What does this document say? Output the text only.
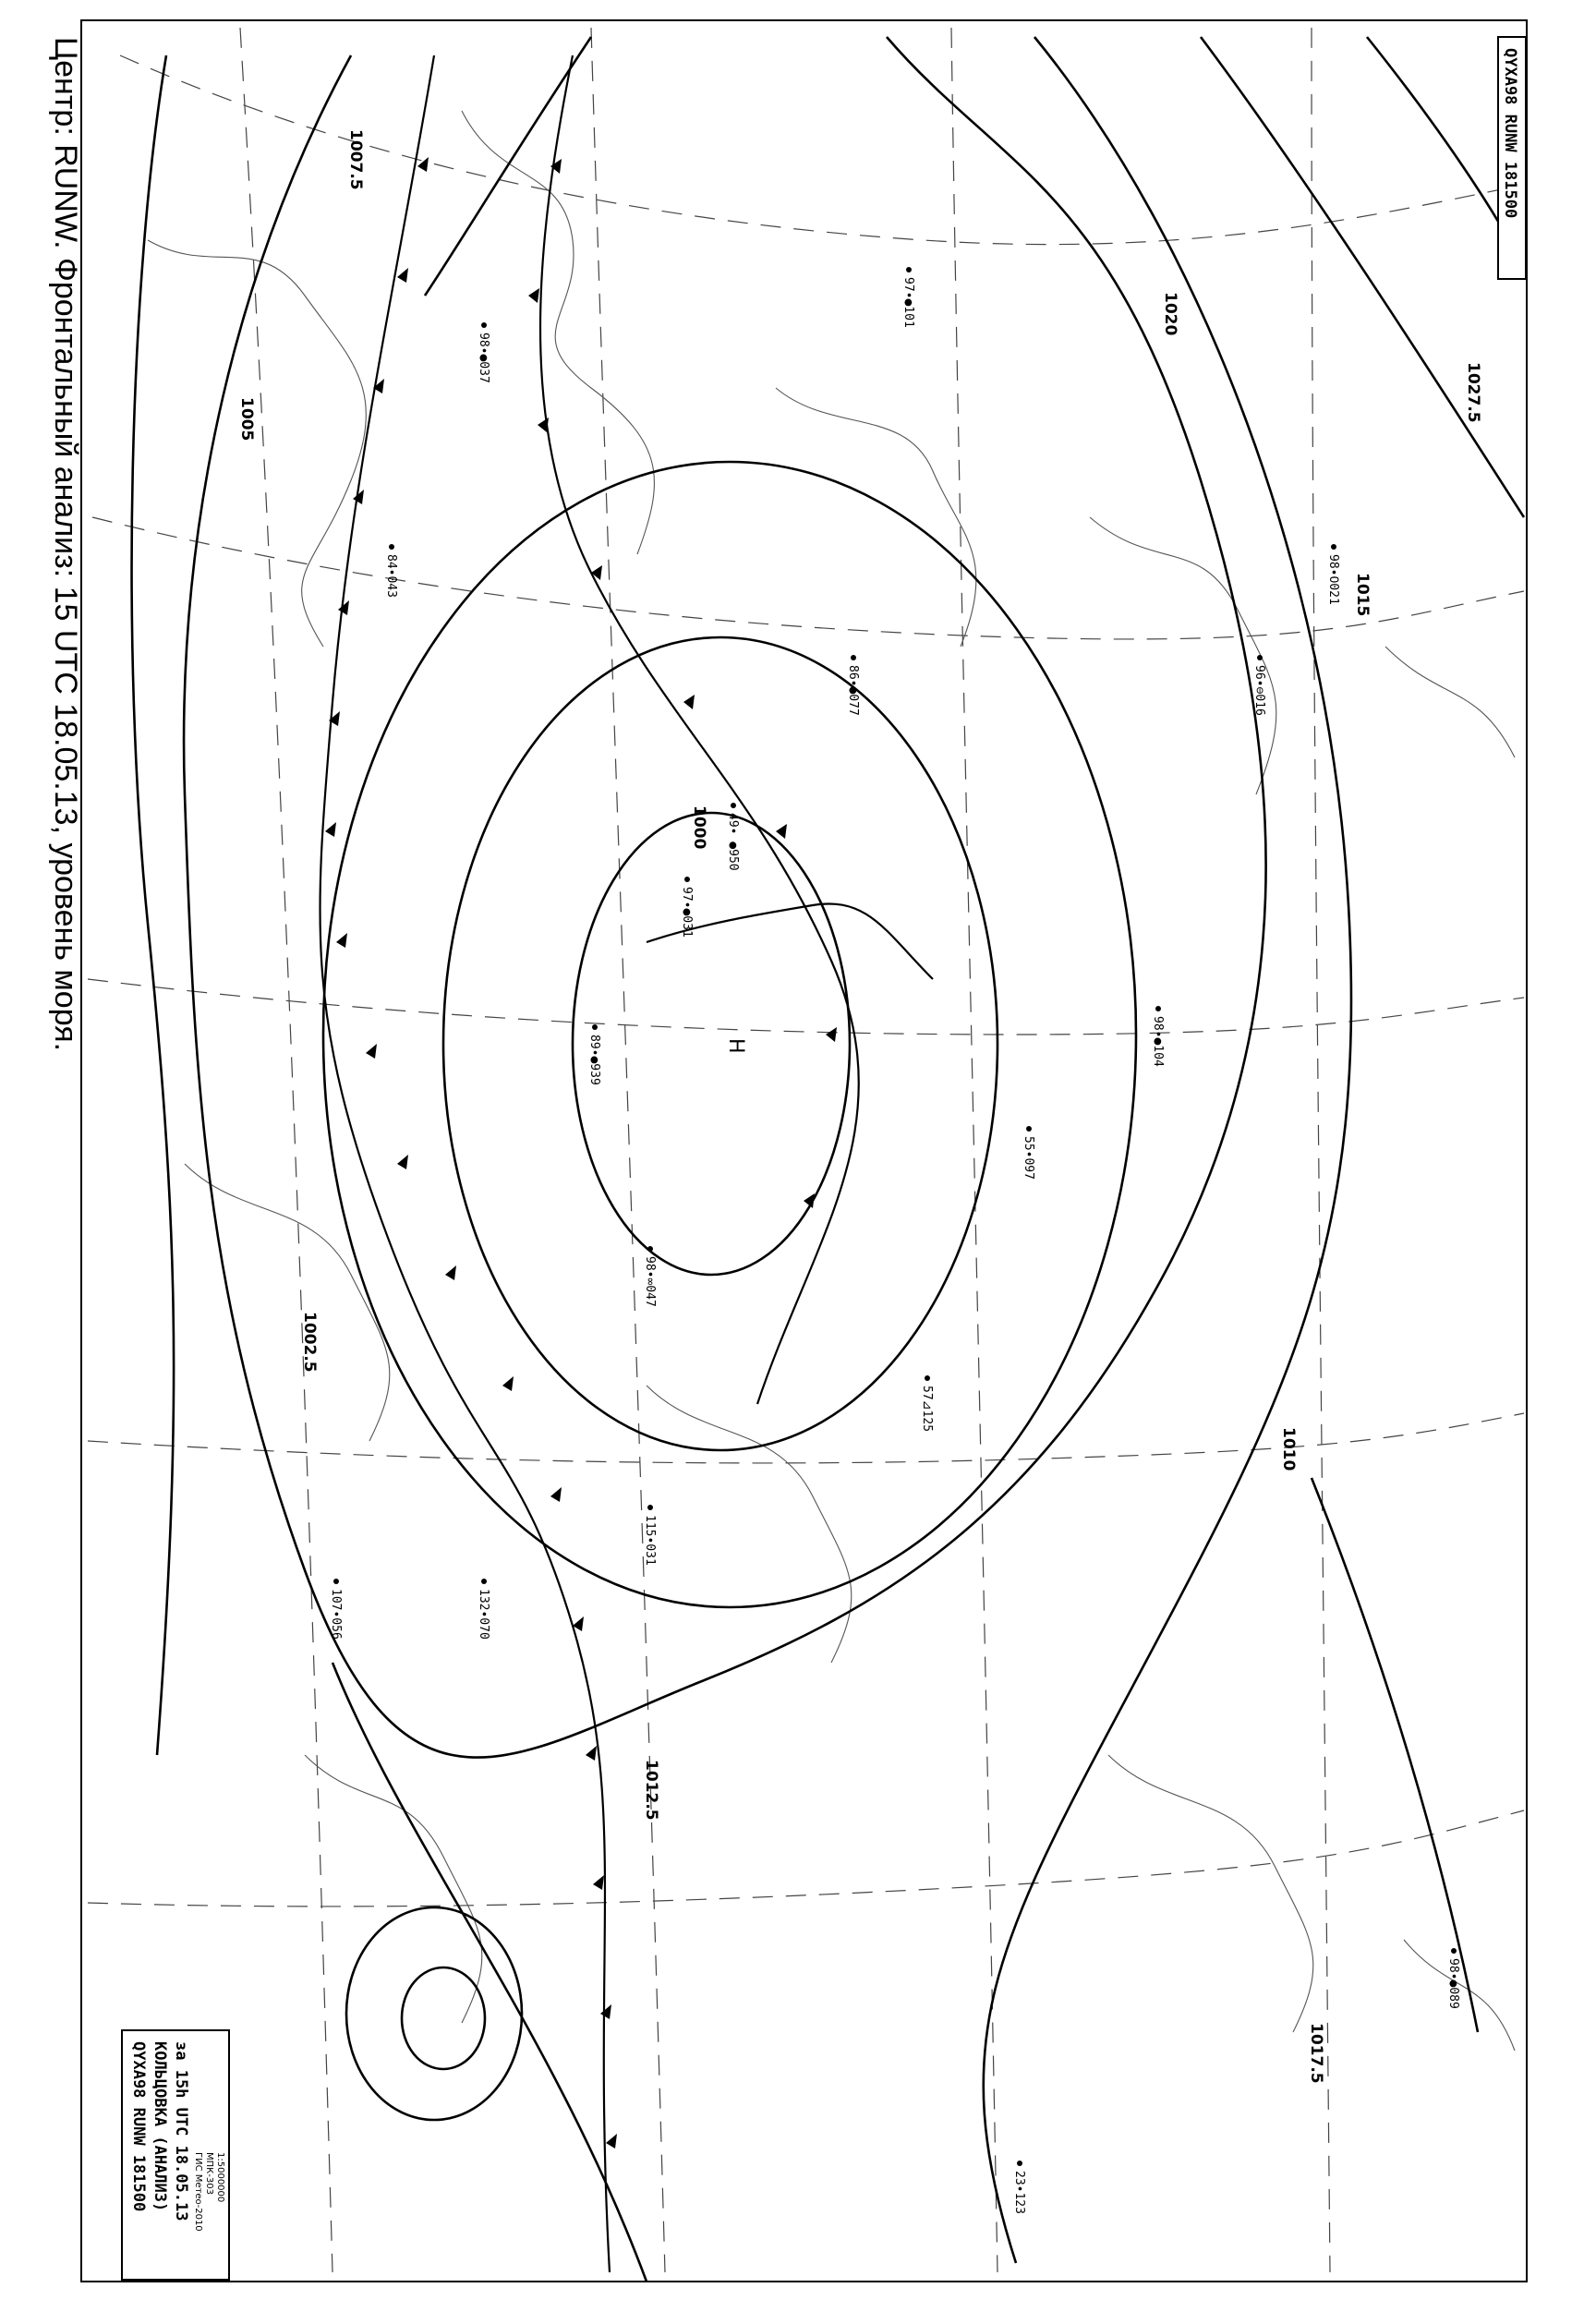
1000
1002.5
1005
1007.5
1010
1012.5
1015
1017.5
1020
1027.5
Н
98∙●037
97∙●101
84∙043
96∙⊖016
132∙070
57⊿125
98∙∞047
55∙097
97∙●031
49∙ ●950
107∙056
86∙●077
98∙●104
115∙031
23∙123
98∙Ο021
89∙●939
98∙●089
Центр: RUNW. Фронтальный анализ: 15 UTC 18.05.13, уровень моря.	QYXA98 RUNW 181500
QYXA98 RUNW 181500 КОЛЬЦОВКА (АНАЛИЗ) за 15h UTC 18.05.13 ГИС Метео-2010 MПК-303 1:5000000
